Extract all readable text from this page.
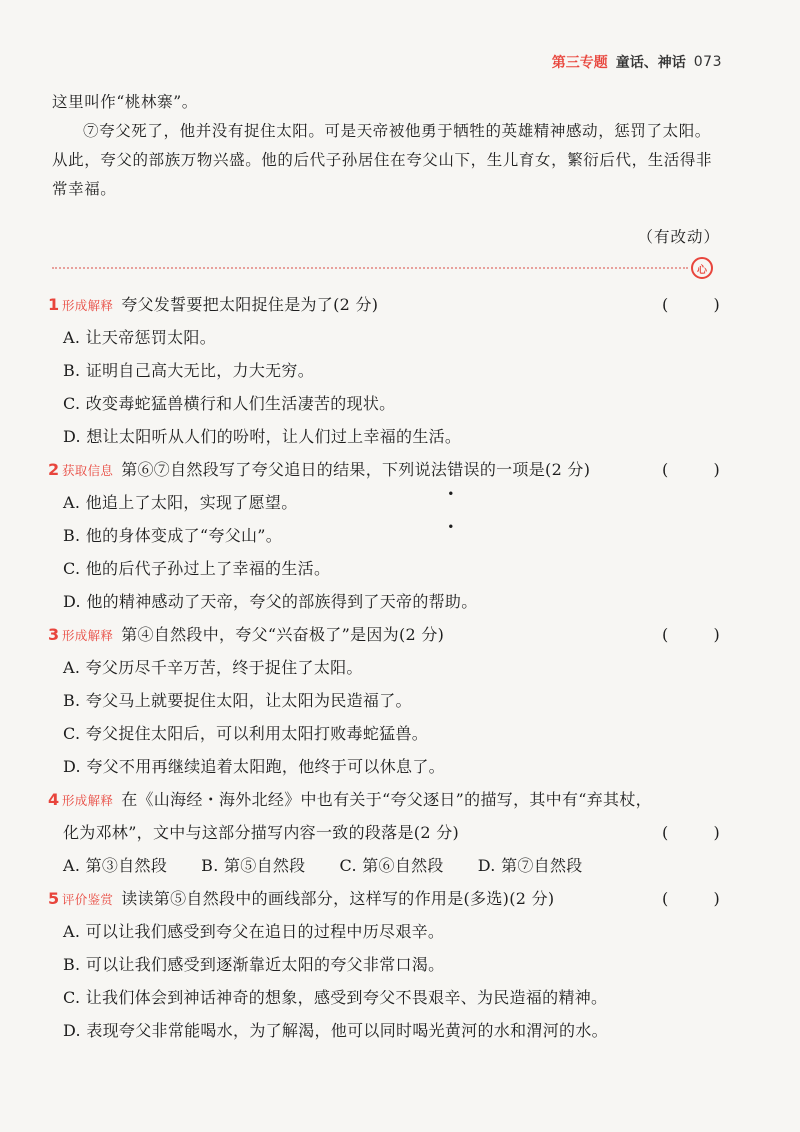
第三专题 童话、神话 073

这里叫作“桃林寨”。

⑦夸父死了，他并没有捉住太阳。可是天帝被他勇于牺牲的英雄精神感动，惩罚了太阳。从此，夸父的部族万物兴盛。他的后代子孙居住在夸父山下，生儿育女，繁衍后代，生活得非常幸福。

（有改动）
心
1 形成解释 夸父发誓要把太阳捉住是为了(2 分)	(	)
A. 让天帝惩罚太阳。
B. 证明自己高大无比，力大无穷。
C. 改变毒蛇猛兽横行和人们生活凄苦的现状。
D. 想让太阳听从人们的吩咐，让人们过上幸福的生活。
2 获取信息 第⑥⑦自然段写了夸父追日的结果，下列说法错误
• •
的一项是(2 分)	(	)
A. 他追上了太阳，实现了愿望。
B. 他的身体变成了“夸父山”。
C. 他的后代子孙过上了幸福的生活。
D. 他的精神感动了天帝，夸父的部族得到了天帝的帮助。
3 形成解释 第④自然段中，夸父“兴奋极了”是因为(2 分)	(	)
A. 夸父历尽千辛万苦，终于捉住了太阳。
B. 夸父马上就要捉住太阳，让太阳为民造福了。
C. 夸父捉住太阳后，可以利用太阳打败毒蛇猛兽。
D. 夸父不用再继续追着太阳跑，他终于可以休息了。
4 形成解释 在《山海经・海外北经》中也有关于“夸父逐日”的描写，其中有“弃其杖，
化为邓林”，文中与这部分描写内容一致的段落是(2 分)	(	)
A. 第③自然段 B. 第⑤自然段 C. 第⑥自然段 D. 第⑦自然段
5 评价鉴赏 读读第⑤自然段中的画线部分，这样写的作用是(多选)(2 分)	(	)
A. 可以让我们感受到夸父在追日的过程中历尽艰辛。
B. 可以让我们感受到逐渐靠近太阳的夸父非常口渴。
C. 让我们体会到神话神奇的想象，感受到夸父不畏艰辛、为民造福的精神。
D. 表现夸父非常能喝水，为了解渴，他可以同时喝光黄河的水和渭河的水。
